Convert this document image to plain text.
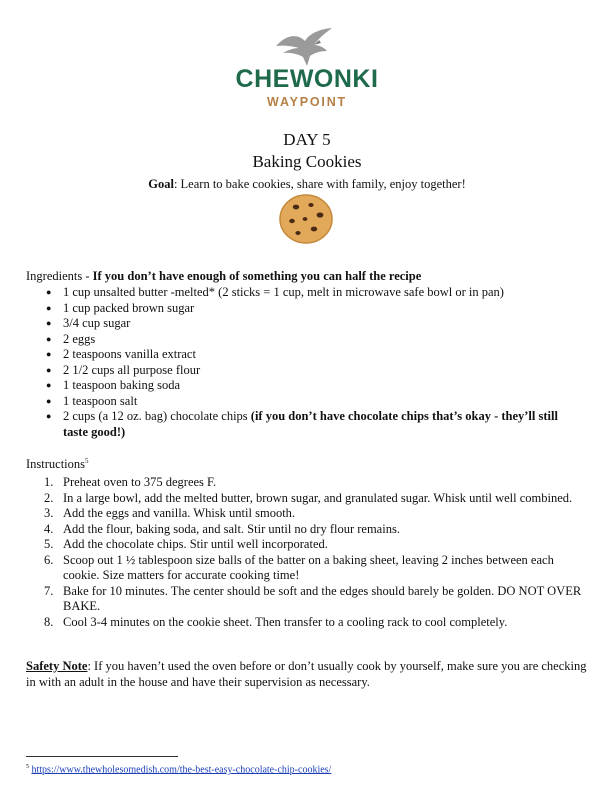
CHEWONKI
WAYPOINT
DAY 5
Baking Cookies
Goal: Learn to bake cookies, share with family, enjoy together!
Ingredients - If you don’t have enough of something you can half the recipe
● 1 cup unsalted butter -melted* (2 sticks = 1 cup, melt in microwave safe bowl or in pan)
● 1 cup packed brown sugar
● 3/4 cup sugar
● 2 eggs
● 2 teaspoons vanilla extract
● 2 1/2 cups all purpose flour
● 1 teaspoon baking soda
● 1 teaspoon salt
● 2 cups (a 12 oz. bag) chocolate chips (if you don’t have chocolate chips that’s okay - they’ll still taste good!)
Instructions$^5$
1. Preheat oven to 375 degrees F.
2. In a large bowl, add the melted butter, brown sugar, and granulated sugar. Whisk until well combined.
3. Add the eggs and vanilla. Whisk until smooth.
4. Add the flour, baking soda, and salt. Stir until no dry flour remains.
5. Add the chocolate chips. Stir until well incorporated.
6. Scoop out 1 ½ tablespoon size balls of the batter on a baking sheet, leaving 2 inches between each cookie. Size matters for accurate cooking time!
7. Bake for 10 minutes. The center should be soft and the edges should barely be golden. DO NOT OVER BAKE.
8. Cool 3-4 minutes on the cookie sheet. Then transfer to a cooling rack to cool completely.
Safety Note: If you haven’t used the oven before or don’t usually cook by yourself, make sure you are checking in with an adult in the house and have their supervision as necessary.
$^5$ https://www.thewholesomedish.com/the-best-easy-chocolate-chip-cookies/
